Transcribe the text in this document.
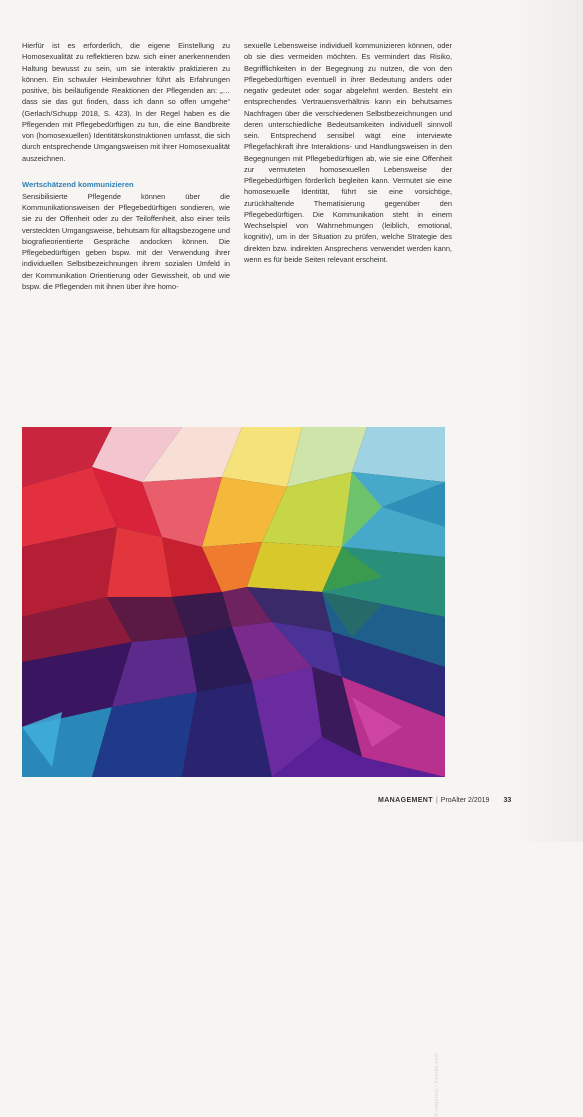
Hierfür ist es erforderlich, die eigene Einstellung zu Homosexualität zu reflektieren bzw. sich einer anerkennenden Haltung bewusst zu sein, um sie interaktiv praktizieren zu können. Ein schwuler Heimbewohner führt als Erfahrungen positive, bis beiläufigende Reaktionen der Pflegenden an: „… dass sie das gut finden, dass ich dann so offen umgehe“ (Gerlach/Schupp 2018, S. 423). In der Regel haben es die Pflegenden mit Pflegebedürftigen zu tun, die eine Bandbreite von (homosexuellen) Identitätskonstruktionen umfasst, die sich durch entsprechende Umgangsweisen mit ihrer Homosexualität auszeichnen.

Wertschätzend kommunizieren

Sensibilisierte Pflegende können über die Kommunikationsweisen der Pflegebedürftigen sondieren, wie sie zu der Offenheit oder zu der Teiloffenheit, also einer teils versteckten Umgangsweise, behutsam für alltagsbezogene und biografieorientierte Gespräche andocken können. Die Pflegebedürftigen geben bspw. mit der Verwendung ihrer individuellen Selbstbezeichnungen ihrem sozialen Umfeld in der Kommunikation Orientierung oder Gewissheit, ob und wie bspw. die Pflegenden mit ihnen über ihre homo-

sexuelle Lebensweise individuell kommunizieren können, oder ob sie dies vermeiden möchten. Es vermindert das Risiko, Begrifflichkeiten in der Begegnung zu nutzen, die von den Pflegebedürftigen eventuell in ihrer Bedeutung anders oder negativ gedeutet oder sogar abgelehnt werden. Besteht ein entsprechendes Vertrauensverhältnis kann ein behutsames Nachfragen über die verschiedenen Selbstbezeichnungen und deren unterschiedliche Bedeutsamkeiten individuell sinnvoll sein. Entsprechend sensibel wägt eine interviewte Pflegefachkraft ihre Interaktions- und Handlungsweisen in den Begegnungen mit Pflegebedürftigen ab, wie sie eine Offenheit zur vermuteten homosexuellen Lebensweise der Pflegebedürftigen förderlich begleiten kann. Vermutet sie eine homosexuelle Identität, führt sie eine vorsichtige, zurückhaltende Thematisierung gegenüber den Pflegebedürftigen. Die Kommunikation steht in einem Wechselspiel von Wahrnehmungen (leiblich, emotional, kognitiv), um in der Situation zu prüfen, welche Strategie des direkten bzw. indirekten Ansprechens verwendet werden kann, wenn es für beide Seiten relevant erscheint.

© Inspiring / Fotolia.com
MANAGEMENT | ProAlter 2/2019 33
